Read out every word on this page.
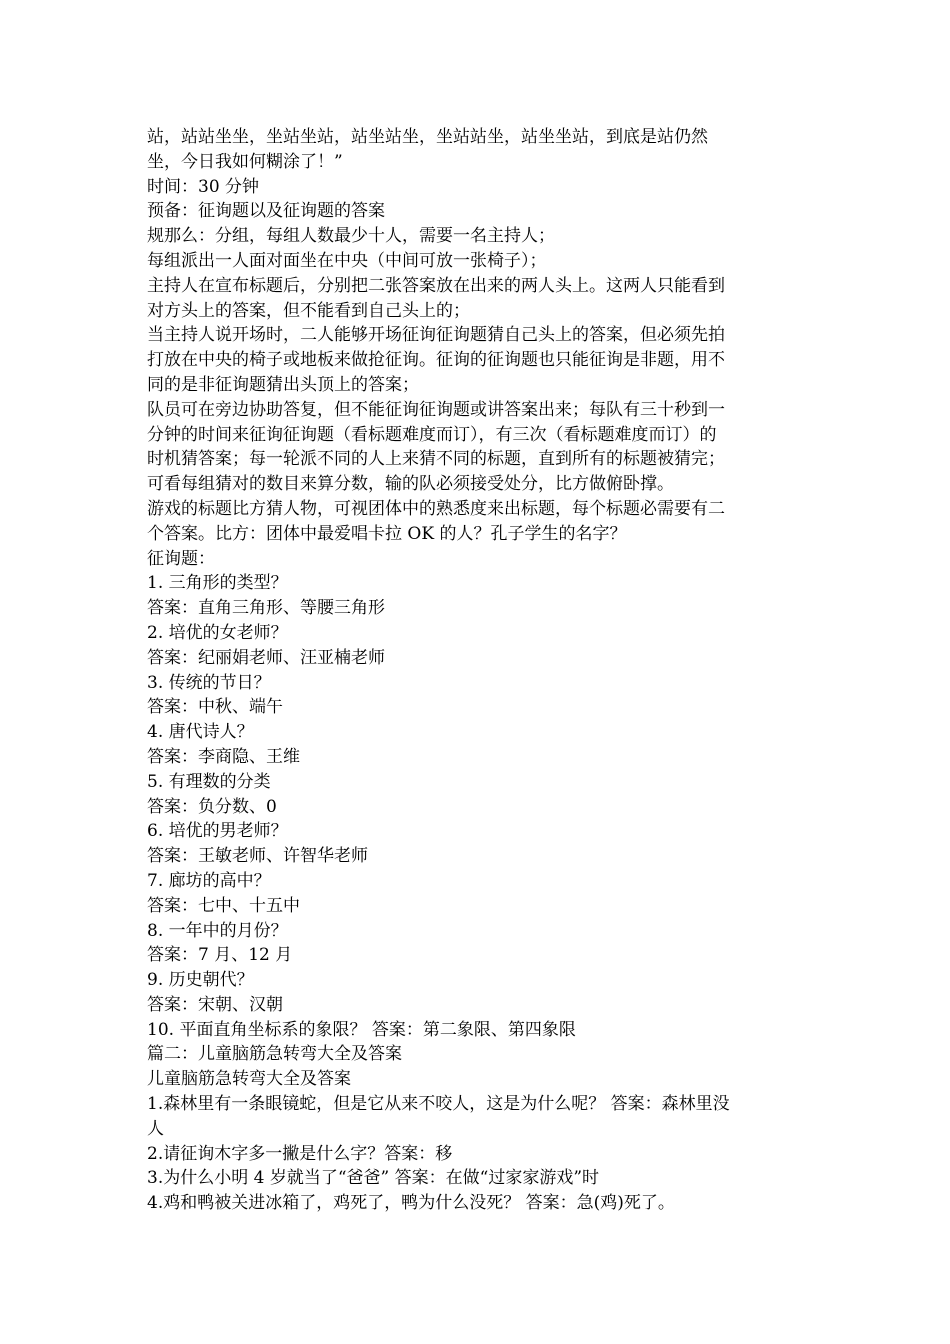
站，站站坐坐，坐站坐站，站坐站坐，坐站站坐，站坐坐站，到底是站仍然
坐，今日我如何糊涂了！”
时间：30 分钟
预备：征询题以及征询题的答案
规那么：分组，每组人数最少十人，需要一名主持人；
每组派出一人面对面坐在中央（中间可放一张椅子）；
主持人在宣布标题后，分别把二张答案放在出来的两人头上。这两人只能看到
对方头上的答案，但不能看到自己头上的；
当主持人说开场时，二人能够开场征询征询题猜自己头上的答案，但必须先拍
打放在中央的椅子或地板来做抢征询。征询的征询题也只能征询是非题，用不
同的是非征询题猜出头顶上的答案；
队员可在旁边协助答复，但不能征询征询题或讲答案出来；每队有三十秒到一
分钟的时间来征询征询题（看标题难度而订），有三次（看标题难度而订）的
时机猜答案；每一轮派不同的人上来猜不同的标题，直到所有的标题被猜完；
可看每组猜对的数目来算分数，输的队必须接受处分，比方做俯卧撑。
游戏的标题比方猜人物，可视团体中的熟悉度来出标题，每个标题必需要有二
个答案。比方：团体中最爱唱卡拉 OK 的人？孔子学生的名字？
征询题：
1. 三角形的类型？
答案：直角三角形、等腰三角形
2. 培优的女老师？
答案：纪丽娟老师、汪亚楠老师
3. 传统的节日？
答案：中秋、端午
4. 唐代诗人？
答案：李商隐、王维
5. 有理数的分类
答案：负分数、0
6. 培优的男老师？
答案：王敏老师、许智华老师
7. 廊坊的高中？
答案：七中、十五中
8. 一年中的月份？
答案：7 月、12 月
9. 历史朝代？
答案：宋朝、汉朝
10. 平面直角坐标系的象限？ 答案：第二象限、第四象限
篇二：儿童脑筋急转弯大全及答案
儿童脑筋急转弯大全及答案
1.森林里有一条眼镜蛇，但是它从来不咬人，这是为什么呢？ 答案：森林里没
人
2.请征询木字多一撇是什么字？答案：移
3.为什么小明 4 岁就当了“爸爸” 答案：在做“过家家游戏”时
4.鸡和鸭被关进冰箱了，鸡死了，鸭为什么没死？ 答案：急(鸡)死了。
